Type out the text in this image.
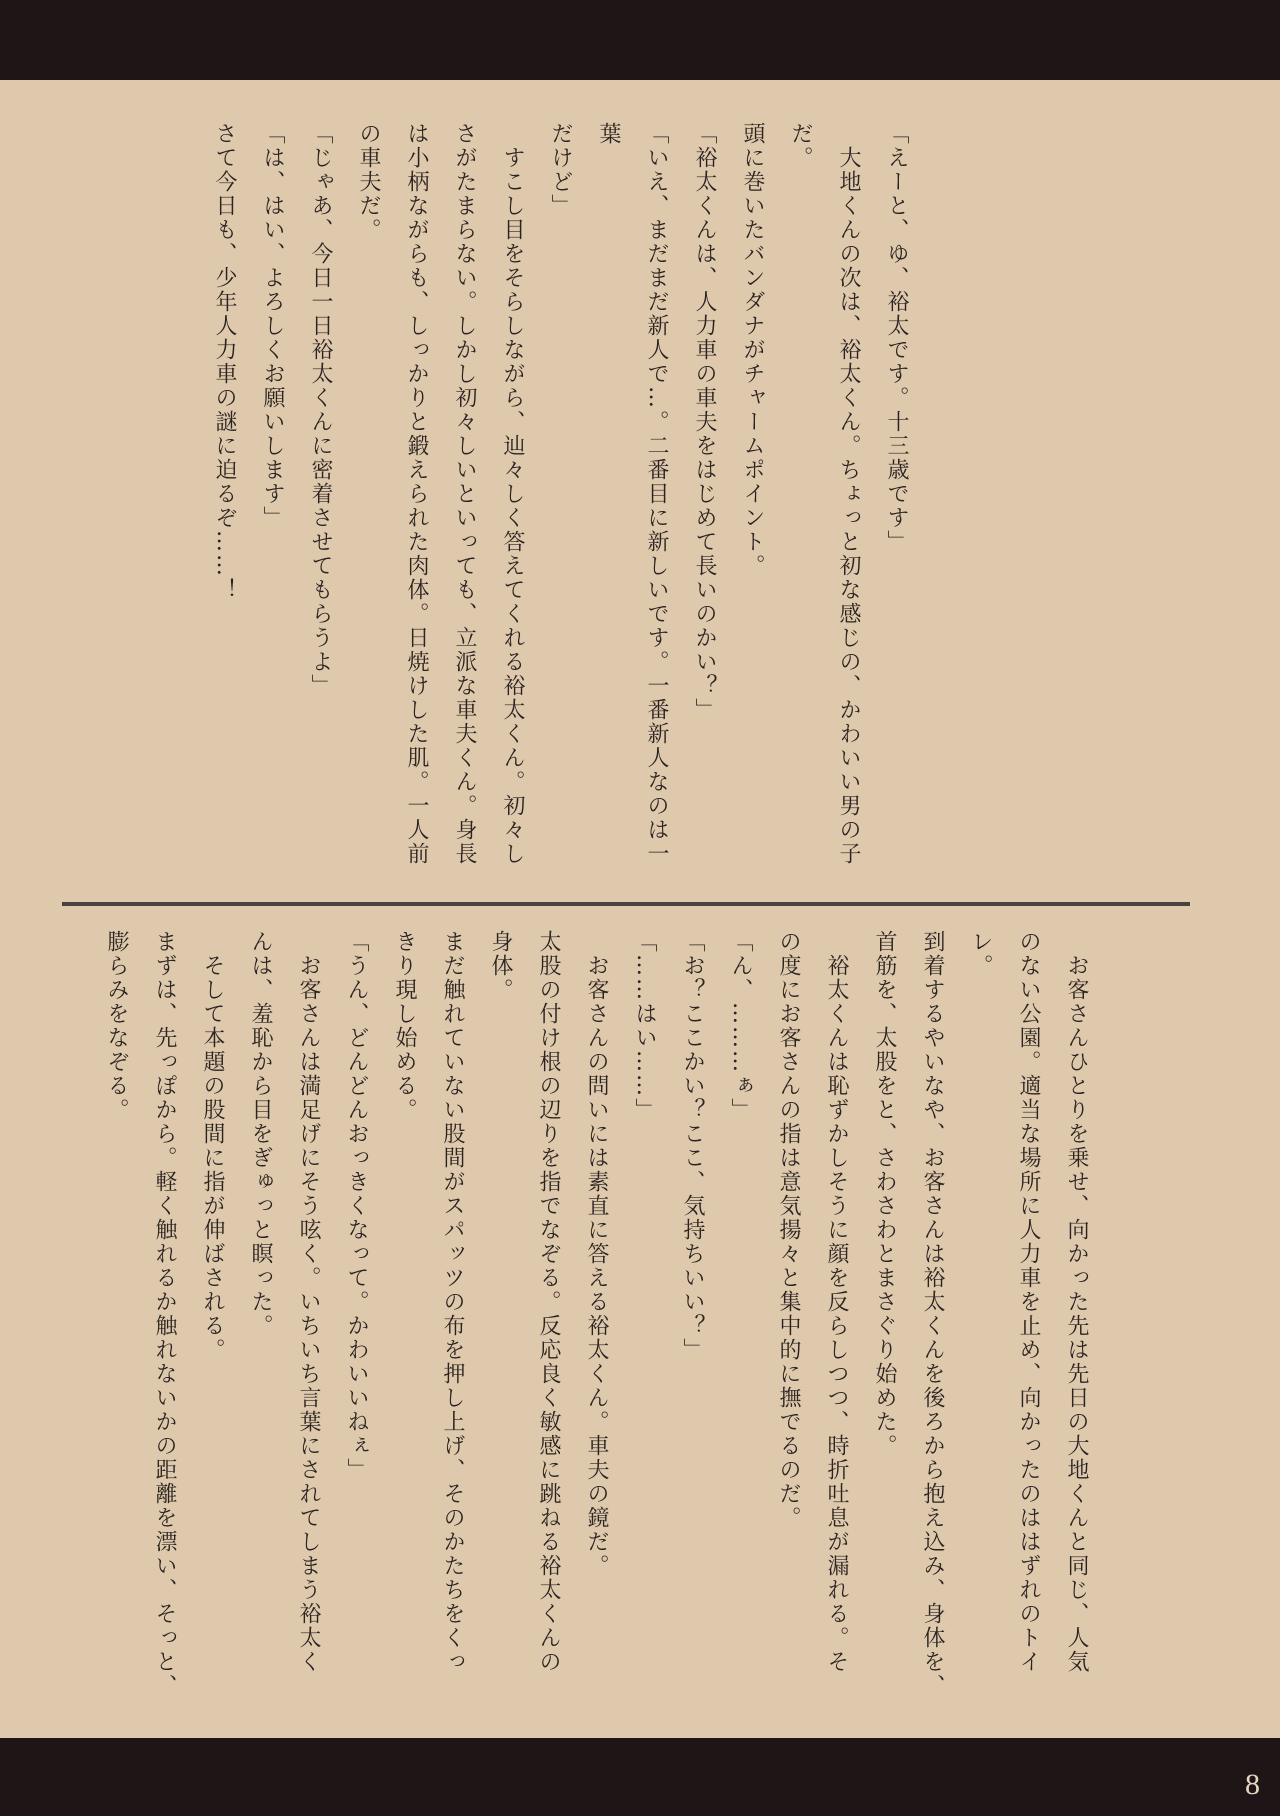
「えーと、ゆ、裕太です。十三歳です」
　大地くんの次は、裕太くん。ちょっと初な感じの、かわいい男の子だ。
頭に巻いたバンダナがチャームポイント。
「裕太くんは、人力車の車夫をはじめて長いのかい？」
「いえ、まだまだ新人で…。二番目に新しいです。一番新人なのは一葉
だけど」
　すこし目をそらしながら、辿々しく答えてくれる裕太くん。初々し
さがたまらない。しかし初々しいといっても、立派な車夫くん。身長
は小柄ながらも、しっかりと鍛えられた肉体。日焼けした肌。一人前
の車夫だ。
「じゃあ、今日一日裕太くんに密着させてもらうよ」
「は、はい、よろしくお願いします」
さて今日も、少年人力車の謎に迫るぞ……！
　お客さんひとりを乗せ、向かった先は先日の大地くんと同じ、人気
のない公園。適当な場所に人力車を止め、向かったのははずれのトイレ。
到着するやいなや、お客さんは裕太くんを後ろから抱え込み、身体を、
首筋を、太股をと、さわさわとまさぐり始めた。
　裕太くんは恥ずかしそうに顔を反らしつつ、時折吐息が漏れる。そ
の度にお客さんの指は意気揚々と集中的に撫でるのだ。
「ん、………ぁ」
「お？ここかい？ここ、気持ちいい？」
「……はい……」
　お客さんの問いには素直に答える裕太くん。車夫の鏡だ。
太股の付け根の辺りを指でなぞる。反応良く敏感に跳ねる裕太くんの
身体。
まだ触れていない股間がスパッツの布を押し上げ、そのかたちをくっ
きり現し始める。
「うん、どんどんおっきくなって。かわいいねぇ」
　お客さんは満足げにそう呟く。いちいち言葉にされてしまう裕太く
んは、羞恥から目をぎゅっと瞑った。
　そして本題の股間に指が伸ばされる。
まずは、先っぽから。軽く触れるか触れないかの距離を漂い、そっと、
膨らみをなぞる。
8
